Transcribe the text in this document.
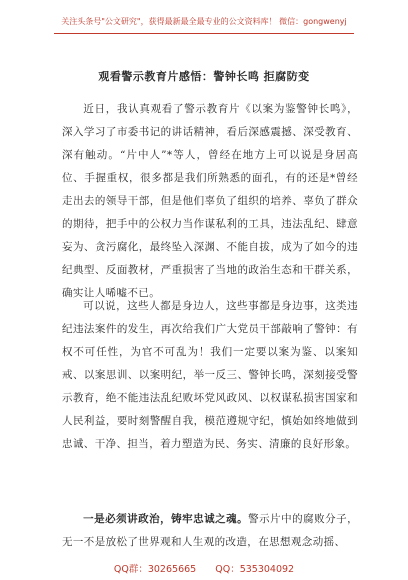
关注头条号"公文研究"，获得最新最全最专业的公文资料库！ 微信：gongwenyj
观看警示教育片感悟：警钟长鸣 拒腐防变

近日，我认真观看了警示教育片《以案为鉴警钟长鸣》，深入学习了市委书记的讲话精神，看后深感震撼、深受教育、深有触动。“片中人”*等人，曾经在地方上可以说是身居高位、手握重权，很多都是我们所熟悉的面孔，有的还是*曾经走出去的领导干部，但是他们辜负了组织的培养、辜负了群众的期待，把手中的公权力当作谋私利的工具，违法乱纪、肆意妄为、贪污腐化，最终坠入深渊、不能自拔，成为了如今的违纪典型、反面教材，严重损害了当地的政治生态和干群关系，确实让人唏嘘不已。

可以说，这些人都是身边人，这些事都是身边事，这类违纪违法案件的发生，再次给我们广大党员干部敲响了警钟：有权不可任性，为官不可乱为！我们一定要以案为鉴、以案知戒、以案思训、以案明纪，举一反三、警钟长鸣，深刻接受警示教育，绝不能违法乱纪败坏党风政风、以权谋私损害国家和人民利益，要时刻警醒自我，模范遵规守纪，慎始如终地做到忠诚、干净、担当，着力塑造为民、务实、清廉的良好形象。

一是必须讲政治，铸牢忠诚之魂。警示片中的腐败分子，无一不是放松了世界观和人生观的改造，在思想观念动摇、

QQ群：30265665 QQ：535304092
